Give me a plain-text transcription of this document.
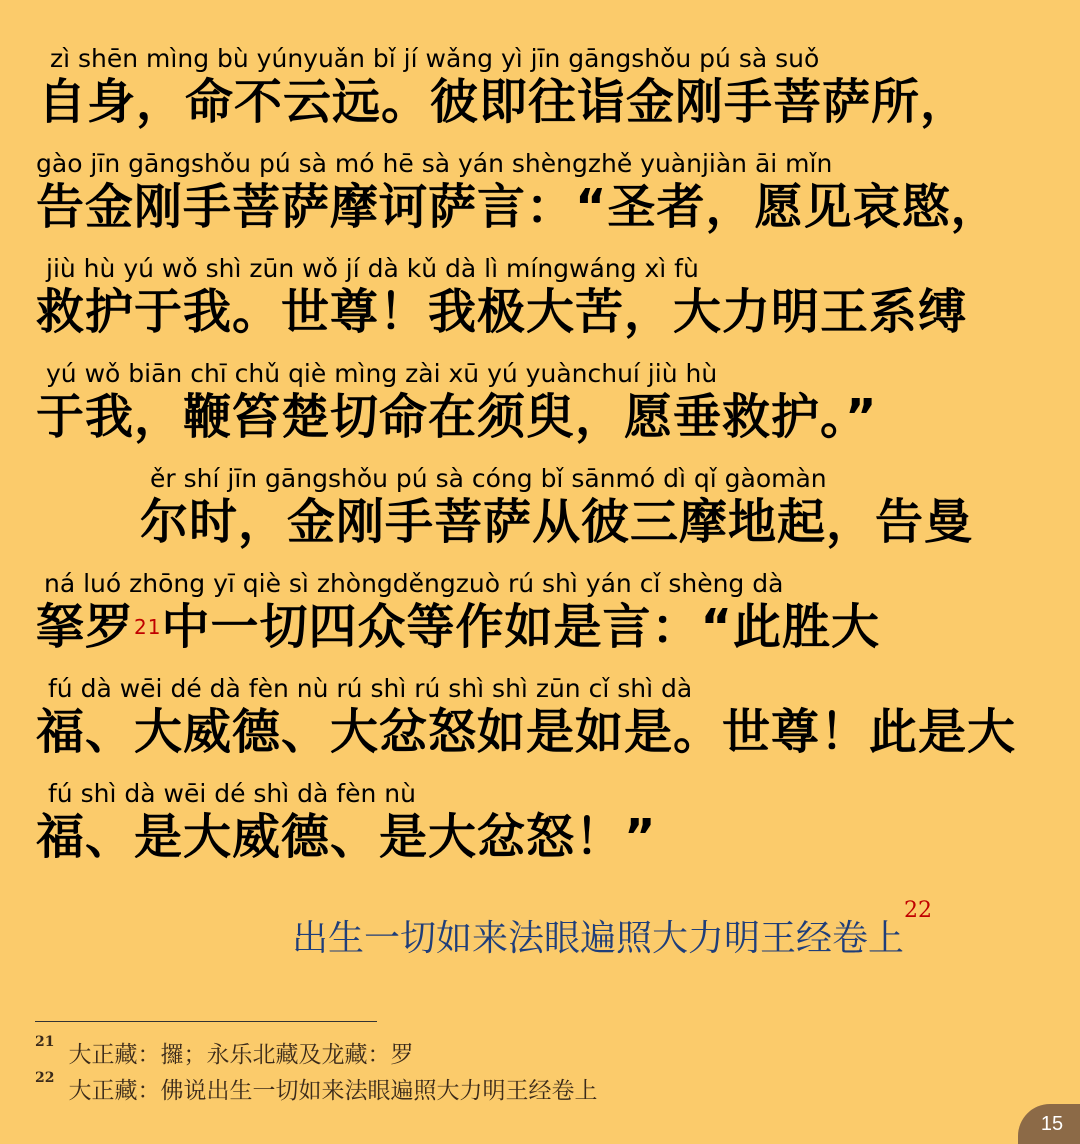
zì shēn mìng bù yúnyuǎn bǐ jí wǎng yì jīn gāngshǒu pú sà suǒ
自身，命不云远。彼即往诣金刚手菩萨所，
gào jīn gāngshǒu pú sà mó hē sà yán shèngzhě yuànjiàn āi mǐn
告金刚手菩萨摩诃萨言：“圣者，愿见哀愍，
jiù hù yú wǒ shì zūn wǒ jí dà kǔ dà lì míngwáng xì fù
救护于我。世尊！我极大苦，大力明王系缚
yú wǒ biān chī chǔ qiè mìng zài xū yú yuànchuí jiù hù
于我，鞭笞楚切命在须臾，愿垂救护。”
ěr shí jīn gāngshǒu pú sà cóng bǐ sānmó dì qǐ gàomàn
尔时，金刚手菩萨从彼三摩地起，告曼
ná luó zhōng yī qiè sì zhòngděngzuò rú shì yán cǐ shèng dà
拏罗$^{21}$中一切四众等作如是言：“此胜大
fú dà wēi dé dà fèn nù rú shì rú shì shì zūn cǐ shì dà
福、大威德、大忿怒如是如是。世尊！此是大
fú shì dà wēi dé shì dà fèn nù
福、是大威德、是大忿怒！”
出生一切如来法眼遍照大力明王经卷上$^{22}$
$^{21}$ 大正藏：攞；永乐北藏及龙藏：罗
$^{22}$ 大正藏：佛说出生一切如来法眼遍照大力明王经卷上
15
